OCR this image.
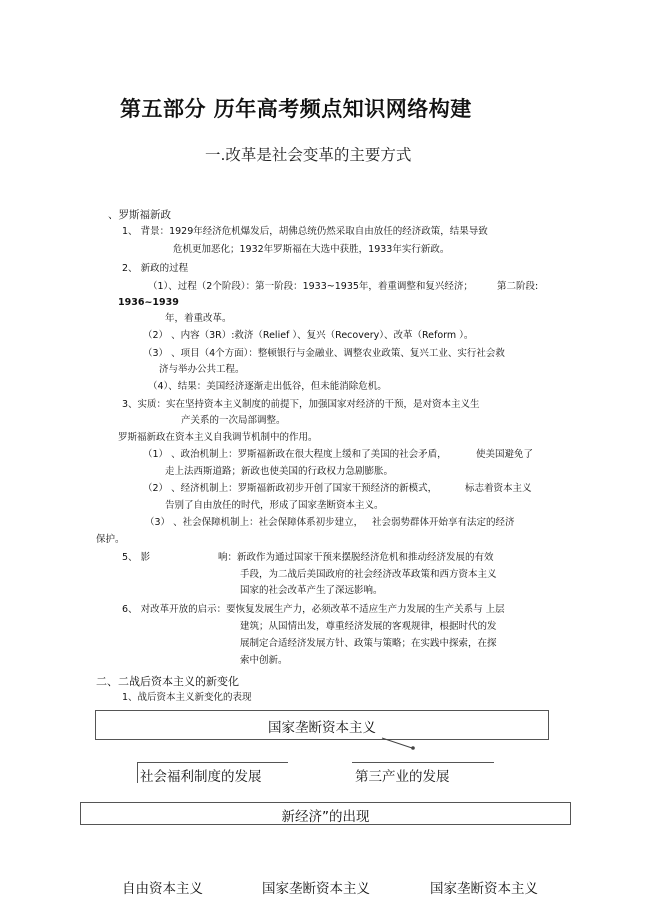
第五部分 历年高考频点知识网络构建
一.改革是社会变革的主要方式
、罗斯福新政
1、 背景：1929年经济危机爆发后，胡佛总统仍然采取自由放任的经济政策，结果导致
危机更加恶化；1932年罗斯福在大选中获胜，1933年实行新政。
2、 新政的过程
（1）、过程（2个阶段）：第一阶段：1933~1935年，着重调整和复兴经济；	第二阶段:
1936~1939
年，着重改革。
（2） 、内容（3R）:救济（Relief ）、复兴（Recovery）、改革（Reform ）。
（3） 、项目（4个方面）：整顿银行与金融业、调整农业政策、复兴工业、实行社会救
济与举办公共工程。
（4）、结果：美国经济逐渐走出低谷，但未能消除危机。
3、实质：实在坚持资本主义制度的前提下，加强国家对经济的干预，是对资本主义生
产关系的一次局部调整。
罗斯福新政在资本主义自我调节机制中的作用。
（1） 、政治机制上：罗斯福新政在很大程度上缓和了美国的社会矛盾，	使美国避免了
走上法西斯道路；新政也使美国的行政权力急剧膨胀。
（2） 、经济机制上：罗斯福新政初步开创了国家干预经济的新模式，	标志着资本主义
告别了自由放任的时代，形成了国家垄断资本主义。
（3） 、社会保障机制上：社会保障体系初步建立， 社会弱势群体开始享有法定的经济
保护。
5、 影	响：新政作为通过国家干预来摆脱经济危机和推动经济发展的有效
手段，为二战后美国政府的社会经济改革政策和西方资本主义
国家的社会改革产生了深远影响。
6、 对改革开放的启示：要恢复发展生产力，必须改革不适应生产力发展的生产关系与 上层
建筑；从国情出发，尊重经济发展的客观规律，根据时代的发
展制定合适经济发展方针、政策与策略；在实践中探索，在探
索中创新。
二、二战后资本主义的新变化
1、战后资本主义新变化的表现
国家垄断资本主义
社会福利制度的发展	第三产业的发展
新经济”的出现
自由资本主义	国家垄断资本主义	国家垄断资本主义
